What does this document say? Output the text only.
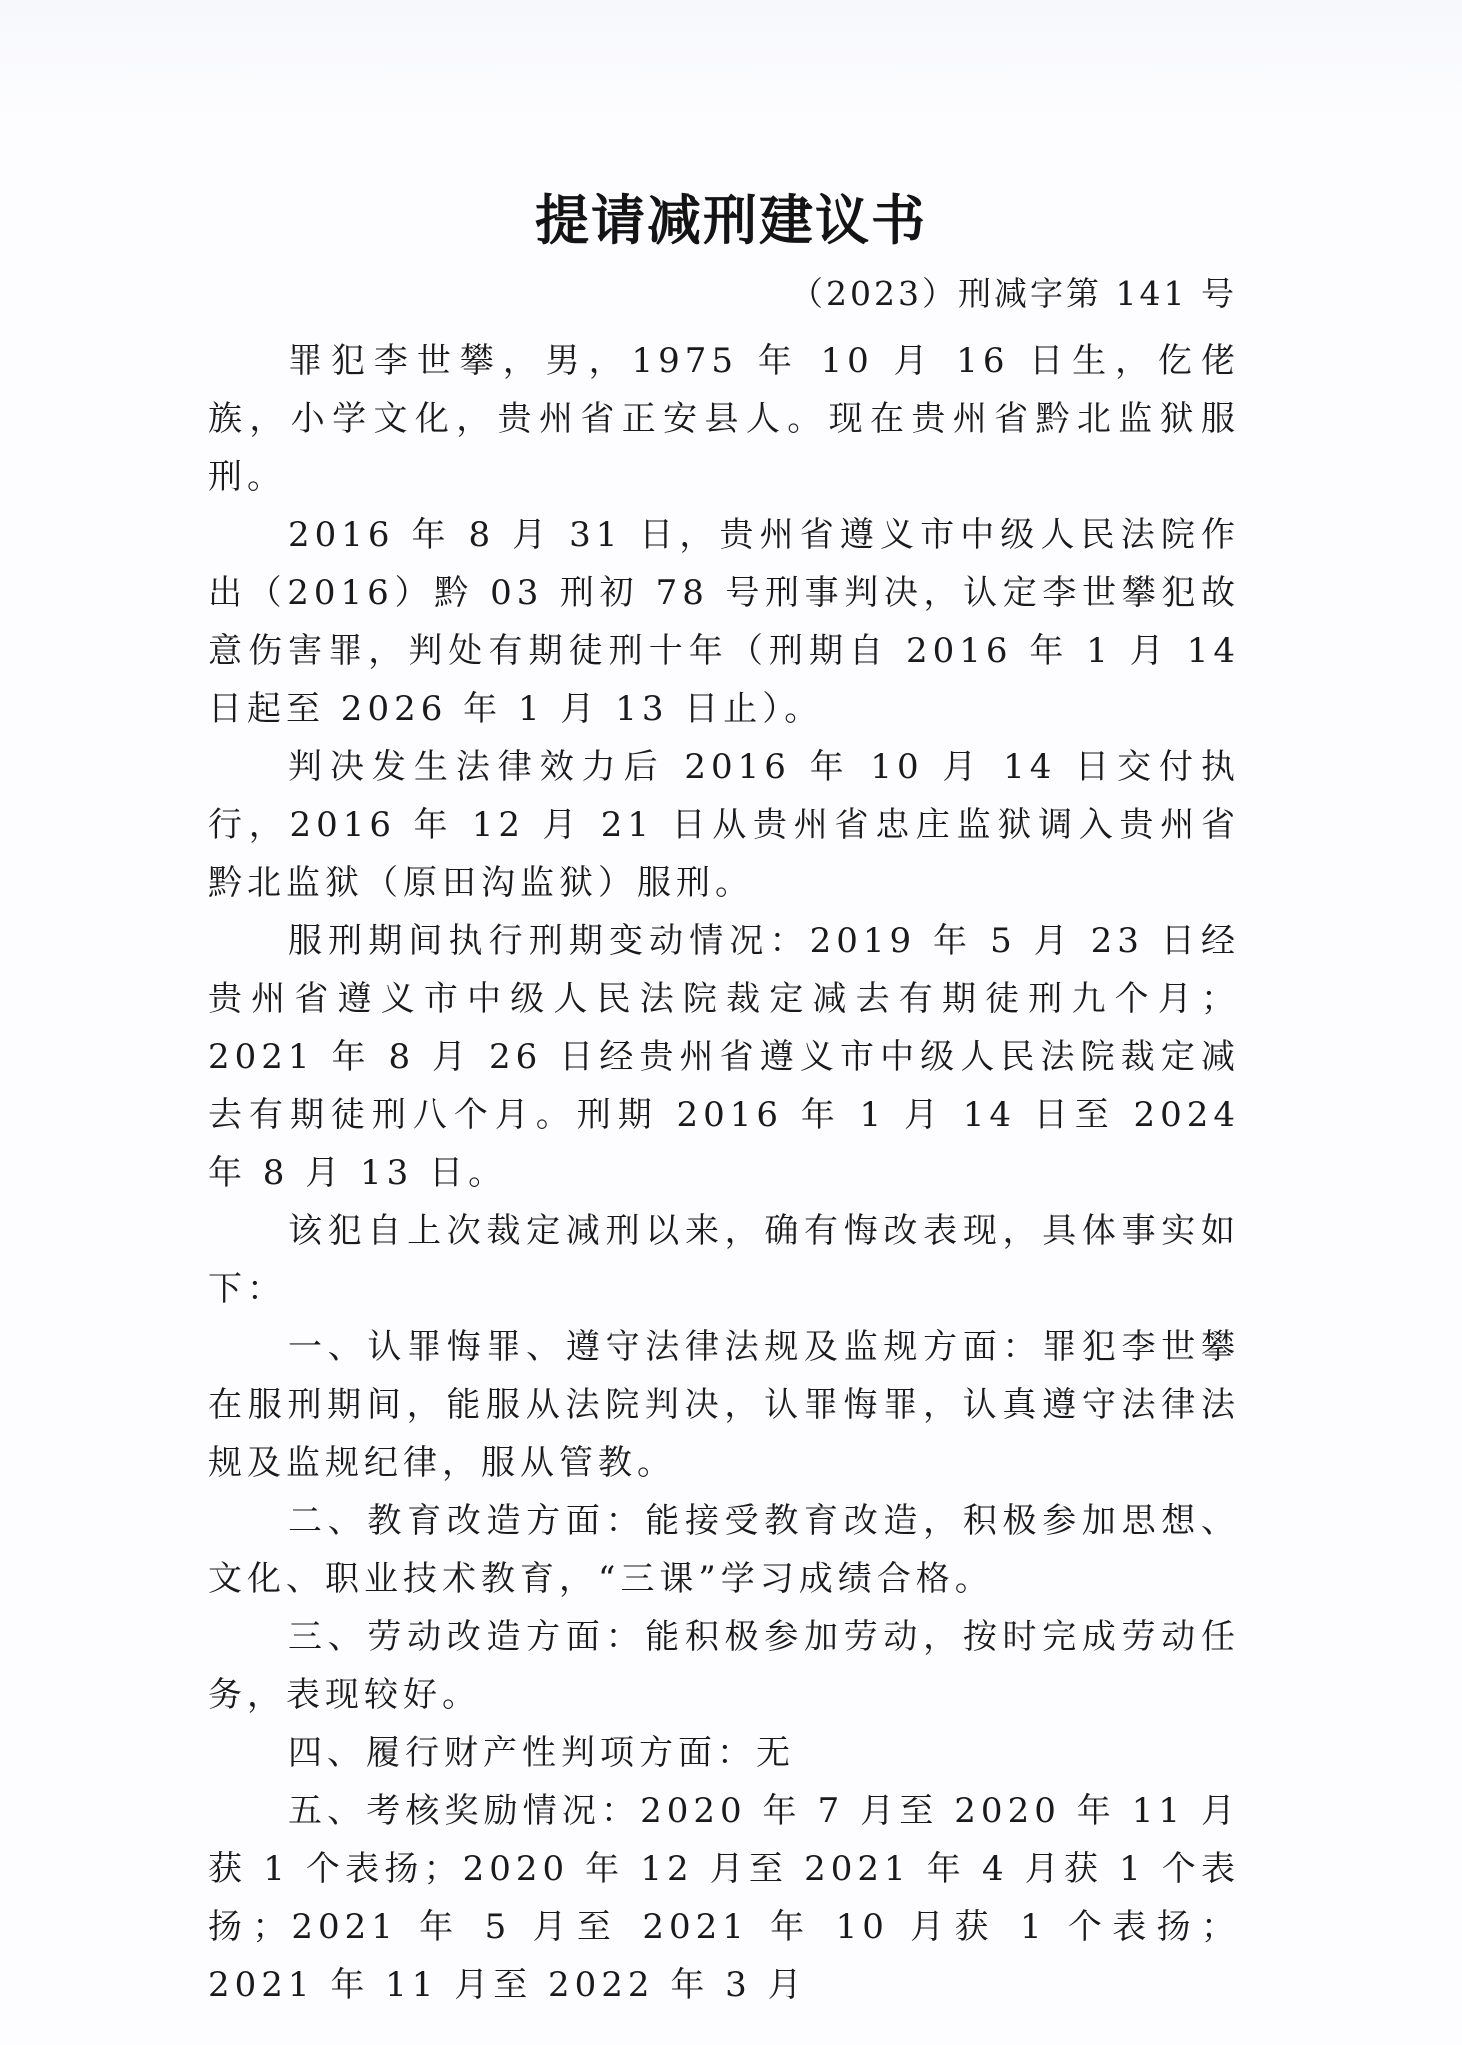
提请减刑建议书
（2023）刑减字第 141 号

罪犯李世攀，男，1975 年 10 月 16 日生，仡佬族，小学文化，贵州省正安县人。现在贵州省黔北监狱服刑。

2016 年 8 月 31 日，贵州省遵义市中级人民法院作出（2016）黔 03 刑初 78 号刑事判决，认定李世攀犯故意伤害罪，判处有期徒刑十年（刑期自 2016 年 1 月 14 日起至 2026 年 1 月 13 日止）。

判决发生法律效力后 2016 年 10 月 14 日交付执行，2016 年 12 月 21 日从贵州省忠庄监狱调入贵州省黔北监狱（原田沟监狱）服刑。

服刑期间执行刑期变动情况：2019 年 5 月 23 日经贵州省遵义市中级人民法院裁定减去有期徒刑九个月；2021 年 8 月 26 日经贵州省遵义市中级人民法院裁定减去有期徒刑八个月。刑期 2016 年 1 月 14 日至 2024 年 8 月 13 日。

该犯自上次裁定减刑以来，确有悔改表现，具体事实如下：

一、认罪悔罪、遵守法律法规及监规方面：罪犯李世攀在服刑期间，能服从法院判决，认罪悔罪，认真遵守法律法规及监规纪律，服从管教。

二、教育改造方面：能接受教育改造，积极参加思想、文化、职业技术教育，“三课”学习成绩合格。

三、劳动改造方面：能积极参加劳动，按时完成劳动任务，表现较好。

四、履行财产性判项方面：无

五、考核奖励情况：2020 年 7 月至 2020 年 11 月获 1 个表扬；2020 年 12 月至 2021 年 4 月获 1 个表扬；2021 年 5 月至 2021 年 10 月获 1 个表扬；2021 年 11 月至 2022 年 3 月
